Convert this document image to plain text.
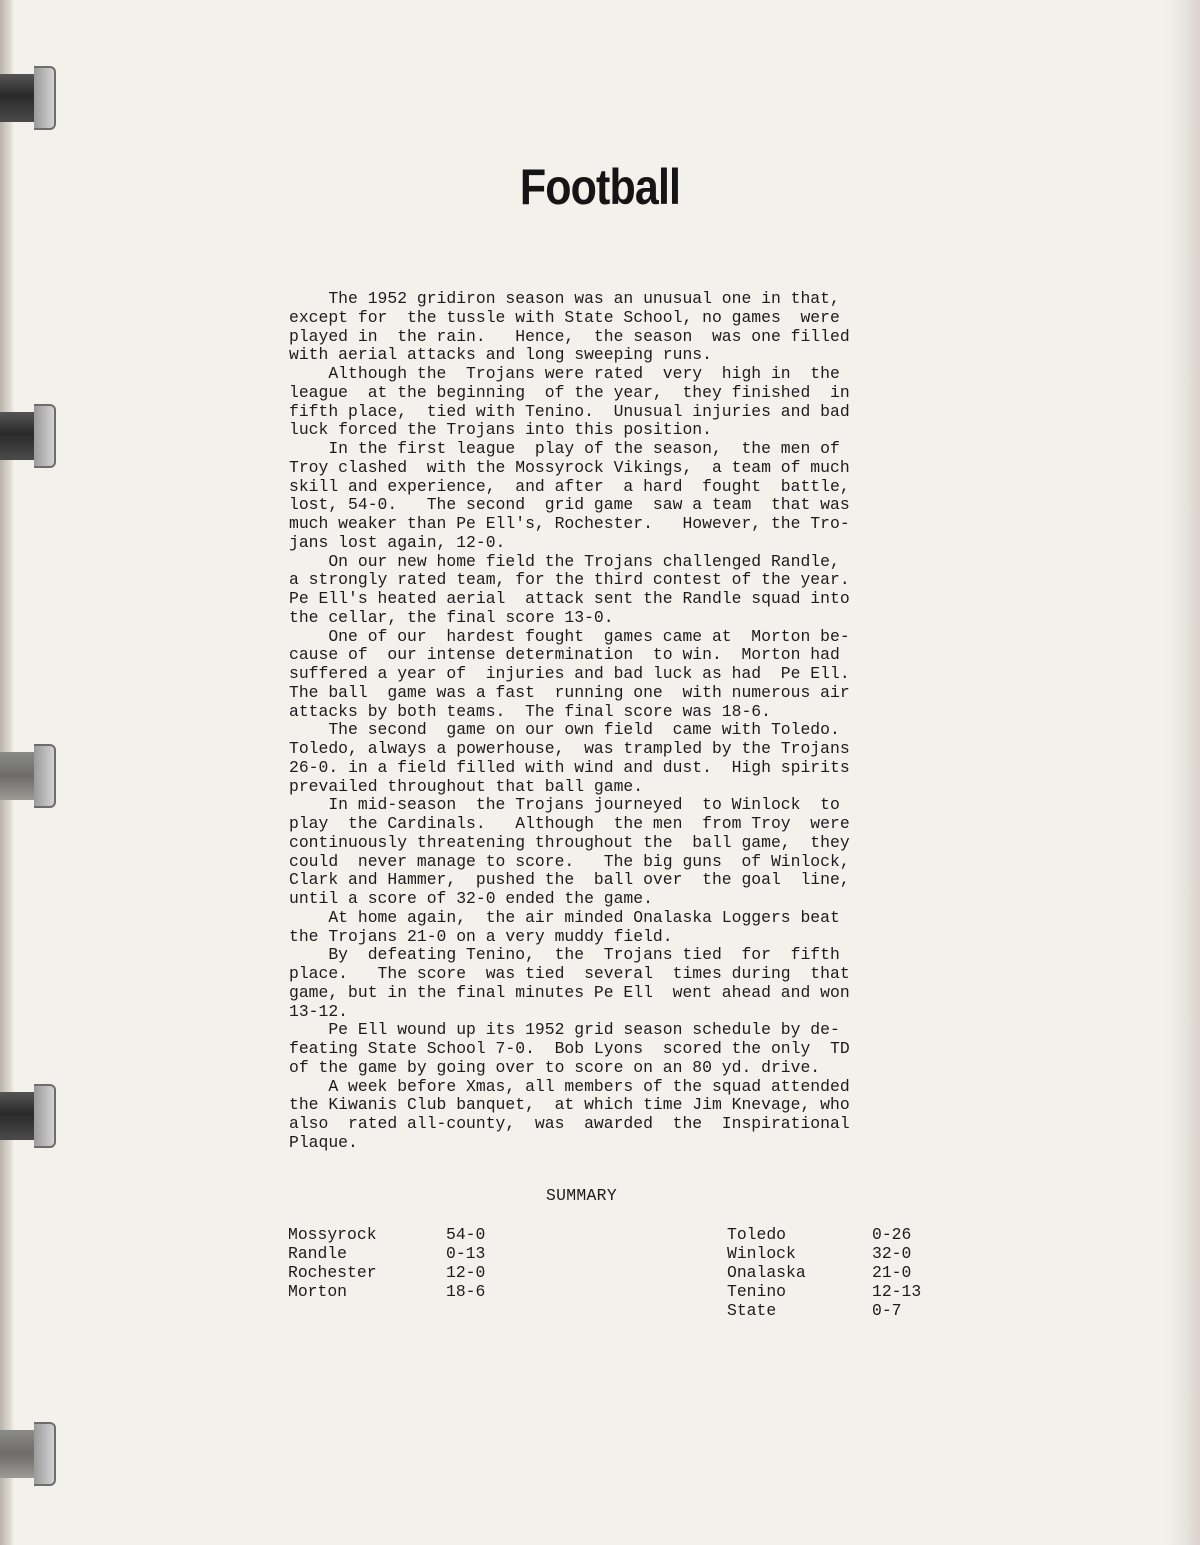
Football
The 1952 gridiron season was an unusual one in that,
except for  the tussle with State School, no games  were
played in  the rain.   Hence,  the season  was one filled
with aerial attacks and long sweeping runs.
Although the  Trojans were rated  very  high in  the
league  at the beginning  of the year,  they finished  in
fifth place,  tied with Tenino.  Unusual injuries and bad
luck forced the Trojans into this position.
In the first league  play of the season,  the men of
Troy clashed  with the Mossyrock Vikings,  a team of much
skill and experience,  and after  a hard  fought  battle,
lost, 54-0.   The second  grid game  saw a team  that was
much weaker than Pe Ell's, Rochester.   However, the Tro-
jans lost again, 12-0.
On our new home field the Trojans challenged Randle,
a strongly rated team, for the third contest of the year.
Pe Ell's heated aerial  attack sent the Randle squad into
the cellar, the final score 13-0.
One of our  hardest fought  games came at  Morton be-
cause of  our intense determination  to win.  Morton had
suffered a year of  injuries and bad luck as had  Pe Ell.
The ball  game was a fast  running one  with numerous air
attacks by both teams.  The final score was 18-6.
The second  game on our own field  came with Toledo.
Toledo, always a powerhouse,  was trampled by the Trojans
26-0. in a field filled with wind and dust.  High spirits
prevailed throughout that ball game.
In mid-season  the Trojans journeyed  to Winlock  to
play  the Cardinals.   Although  the men  from Troy  were
continuously threatening throughout the  ball game,  they
could  never manage to score.   The big guns  of Winlock,
Clark and Hammer,  pushed the  ball over  the goal  line,
until a score of 32-0 ended the game.
At home again,  the air minded Onalaska Loggers beat
the Trojans 21-0 on a very muddy field.
By  defeating Tenino,  the  Trojans tied  for  fifth
place.   The score  was tied  several  times during  that
game, but in the final minutes Pe Ell  went ahead and won
13-12.
Pe Ell wound up its 1952 grid season schedule by de-
feating State School 7-0.  Bob Lyons  scored the only  TD
of the game by going over to score on an 80 yd. drive.
A week before Xmas, all members of the squad attended
the Kiwanis Club banquet,  at which time Jim Knevage, who
also  rated all-county,  was  awarded  the  Inspirational
Plaque.
SUMMARY
Mossyrock	54-0
Randle	0-13
Rochester	12-0
Morton	18-6
Toledo	0-26
Winlock	32-0
Onalaska	21-0
Tenino	12-13
State	0-7
